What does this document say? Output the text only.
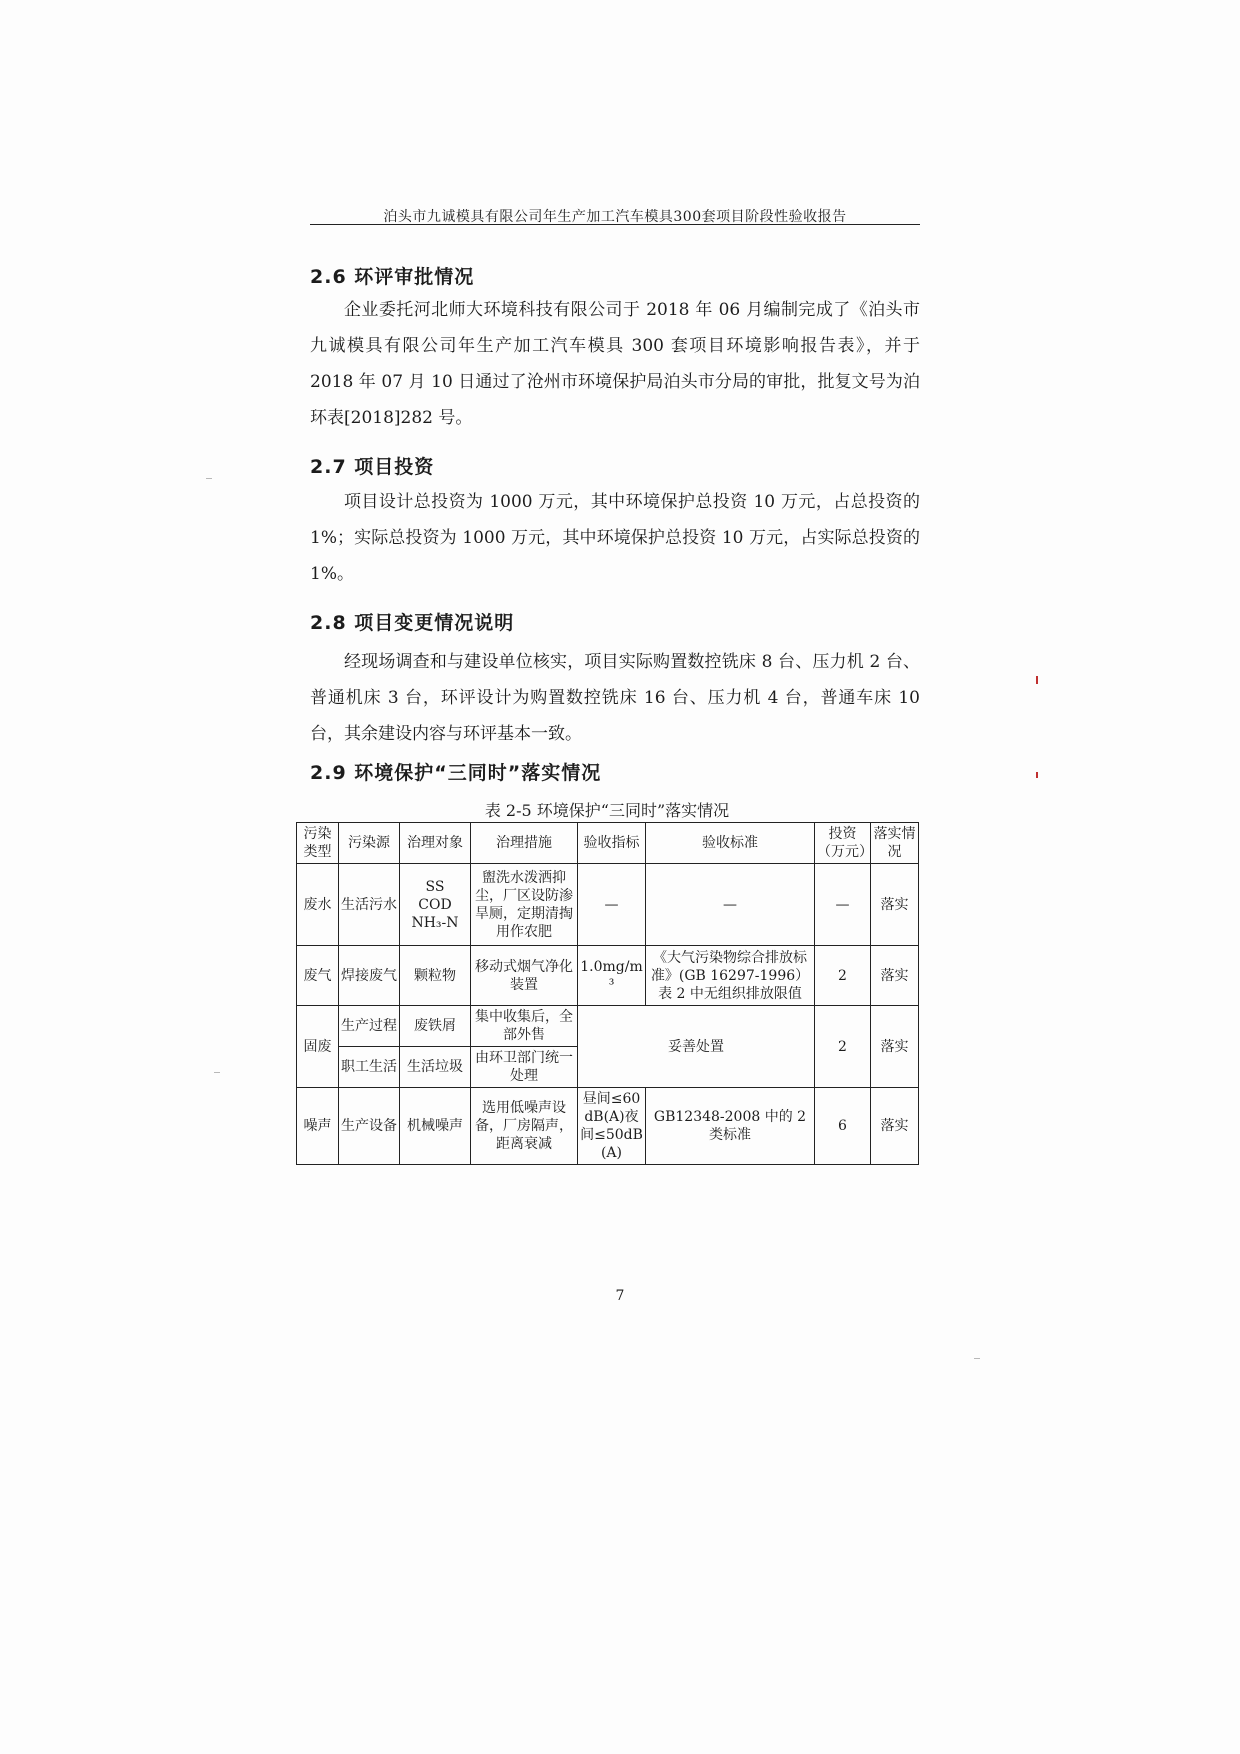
泊头市九诚模具有限公司年生产加工汽车模具300套项目阶段性验收报告
2.6 环评审批情况

企业委托河北师大环境科技有限公司于 2018 年 06 月编制完成了《泊头市九诚模具有限公司年生产加工汽车模具 300 套项目环境影响报告表》，并于 2018 年 07 月 10 日通过了沧州市环境保护局泊头市分局的审批，批复文号为泊环表[2018]282 号。

2.7 项目投资

项目设计总投资为 1000 万元，其中环境保护总投资 10 万元，占总投资的 1%；实际总投资为 1000 万元，其中环境保护总投资 10 万元，占实际总投资的 1%。

2.8 项目变更情况说明

经现场调查和与建设单位核实，项目实际购置数控铣床 8 台、压力机 2 台、普通机床 3 台，环评设计为购置数控铣床 16 台、压力机 4 台，普通车床 10 台，其余建设内容与环评基本一致。

2.9 环境保护“三同时”落实情况
表 2-5 环境保护“三同时”落实情况
污染类型	污染源	治理对象	治理措施	验收指标	验收标准	投资（万元）	落实情况
废水	生活污水	SS
COD
NH₃-N	盥洗水泼洒抑尘，厂区设防渗旱厕，定期清掏用作农肥	—	—	—	落实
废气	焊接废气	颗粒物	移动式烟气净化装置	1.0mg/m³	《大气污染物综合排放标准》(GB 16297-1996）表 2 中无组织排放限值	2	落实
固废	生产过程	废铁屑	集中收集后，全部外售	妥善处置		2	落实
	职工生活	生活垃圾	由环卫部门统一处理				
噪声	生产设备	机械噪声	选用低噪声设备，厂房隔声，距离衰减	昼间≤60dB(A)夜间≤50dB(A)	GB12348-2008 中的 2 类标准	6	落实
7
